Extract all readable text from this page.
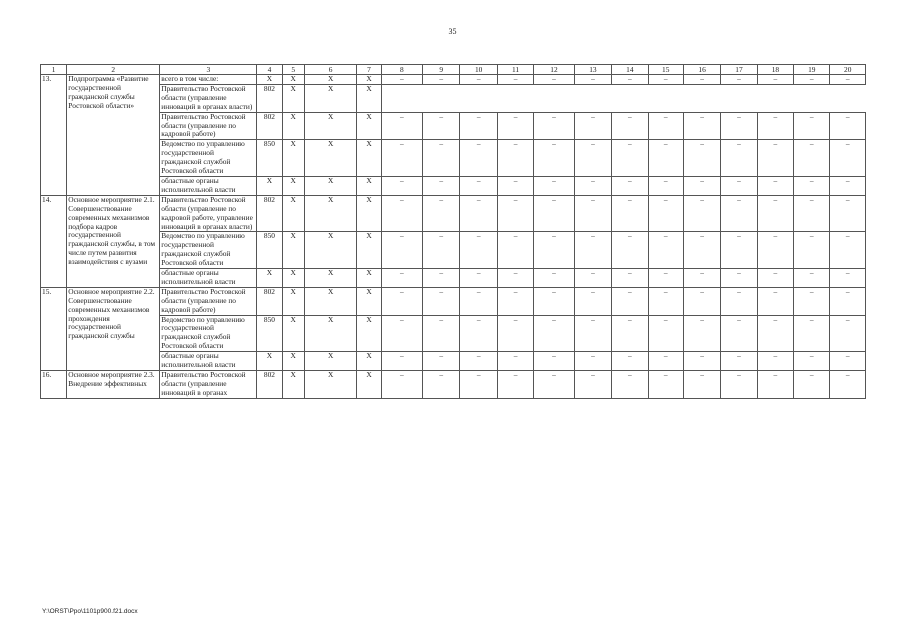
35
1	2	3	4	5	6	7	8	9	10	11	12	13	14	15	16	17	18	19	20
13.	Подпрограмма «Развитие государственной гражданской службы Ростовской области»	всего в том числе:	X	X	X	X	–	–	–	–	–	–	–	–	–	–	–	–	–
		Правительство Ростовской области (управление инноваций в органах власти)	802	X	X	X													
		Правительство Ростовской области (управление по кадровой работе)	802	X	X	X	–	–	–	–	–	–	–	–	–	–	–	–	–
		Ведомство по управлению государственной гражданской службой Ростовской области	850	X	X	X	–	–	–	–	–	–	–	–	–	–	–	–	–
		областные органы исполнительной власти	X	X	X	X	–	–	–	–	–	–	–	–	–	–	–	–	–
14.	Основное мероприятие 2.1. Совершенствование современных механизмов подбора кадров государственной гражданской службы, в том числе путем развития взаимодействия с вузами	Правительство Ростовской области (управление по кадровой работе, управление инноваций в органах власти)	802	X	X	X	–	–	–	–	–	–	–	–	–	–	–	–	–
		Ведомство по управлению государственной гражданской службой Ростовской области	850	X	X	X	–	–	–	–	–	–	–	–	–	–	–	–	–
		областные органы исполнительной власти	X	X	X	X	–	–	–	–	–	–	–	–	–	–	–	–	–
15.	Основное мероприятие 2.2. Совершенствование современных механизмов прохождения государственной гражданской службы	Правительство Ростовской области (управление по кадровой работе)	802	X	X	X	–	–	–	–	–	–	–	–	–	–	–	–	–
		Ведомство по управлению государственной гражданской службой Ростовской области	850	X	X	X	–	–	–	–	–	–	–	–	–	–	–	–	–
		областные органы исполнительной власти	X	X	X	X	–	–	–	–	–	–	–	–	–	–	–	–	–
16.	Основное мероприятие 2.3. Внедрение эффективных	Правительство Ростовской области (управление инноваций в органах	802	X	X	X	–	–	–	–	–	–	–	–	–	–	–	–	–
Y:\ORST\Ppo\1101p900.f21.docx
